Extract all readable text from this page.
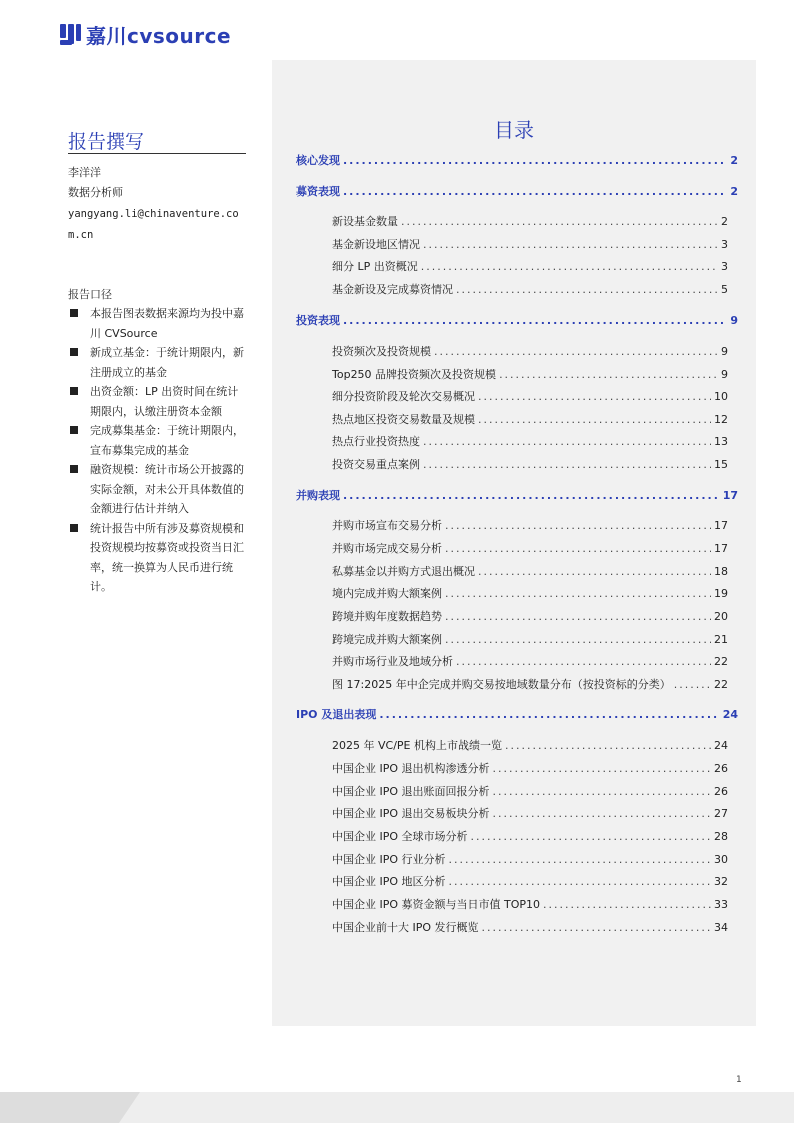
嘉川cvsource
报告撰写
李洋洋
数据分析师
yangyang.li@chinaventure.com.cn
报告口径
本报告图表数据来源均为投中嘉川 CVSource
新成立基金：于统计期限内，新注册成立的基金
出资金额：LP 出资时间在统计期限内，认缴注册资本金额
完成募集基金：于统计期限内，宣布募集完成的基金
融资规模：统计市场公开披露的实际金额，对未公开具体数值的金额进行估计并纳入
统计报告中所有涉及募资规模和投资规模均按募资或投资当日汇率，统一换算为人民币进行统计。
目录
核心发现 .....	2
募资表现 .....	2
新设基金数量 .....	2
基金新设地区情况 .....	3
细分 LP 出资概况 .....	3
基金新设及完成募资情况 .....	5
投资表现 .....	9
投资频次及投资规模 .....	9
Top250 品牌投资频次及投资规模 .....	9
细分投资阶段及轮次交易概况 .....	10
热点地区投资交易数量及规模 .....	12
热点行业投资热度 .....	13
投资交易重点案例 .....	15
并购表现 .....	17
并购市场宣布交易分析 .....	17
并购市场完成交易分析 .....	17
私募基金以并购方式退出概况 .....	18
境内完成并购大额案例 .....	19
跨境并购年度数据趋势 .....	20
跨境完成并购大额案例 .....	21
并购市场行业及地域分析 .....	22
图 17:2025 年中企完成并购交易按地域数量分布（按投资标的分类） .....	22
IPO 及退出表现 .....	24
2025 年 VC/PE 机构上市战绩一览 .....	24
中国企业 IPO 退出机构渗透分析 .....	26
中国企业 IPO 退出账面回报分析 .....	26
中国企业 IPO 退出交易板块分析 .....	27
中国企业 IPO 全球市场分析 .....	28
中国企业 IPO 行业分析 .....	30
中国企业 IPO 地区分析 .....	32
中国企业 IPO 募资金额与当日市值 TOP10 .....	33
中国企业前十大 IPO 发行概览 .....	34
1
